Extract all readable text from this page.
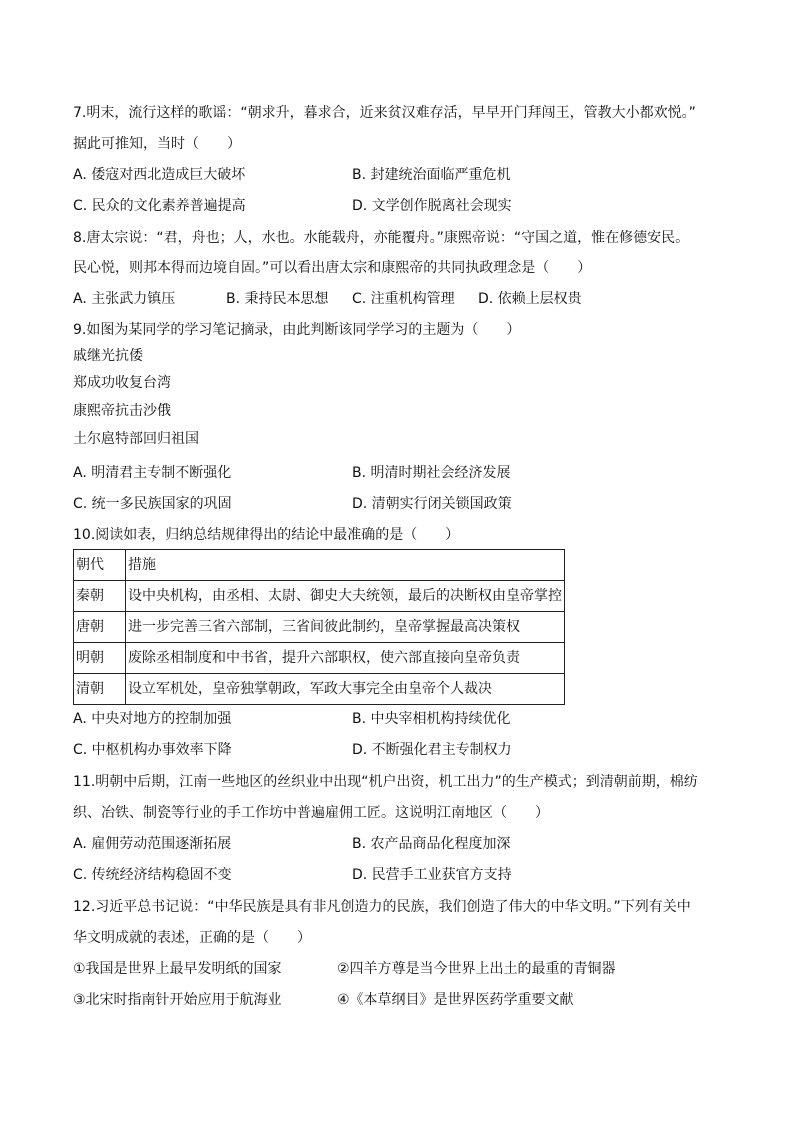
7.明末，流行这样的歌谣：“朝求升，暮求合，近来贫汉难存活，早早开门拜闯王，管教大小都欢悦。”
据此可推知，当时（　　）
A. 倭寇对西北造成巨大破坏	B. 封建统治面临严重危机
C. 民众的文化素养普遍提高	D. 文学创作脱离社会现实
8.唐太宗说：“君，舟也；人，水也。水能载舟，亦能覆舟。”康熙帝说：“守国之道，惟在修德安民。
民心悦，则邦本得而边境自固。”可以看出唐太宗和康熙帝的共同执政理念是（　　）
A. 主张武力镇压	B. 秉持民本思想 C. 注重机构管理 D. 依赖上层权贵
9.如图为某同学的学习笔记摘录，由此判断该同学学习的主题为（　　）
戚继光抗倭
郑成功收复台湾
康熙帝抗击沙俄
土尔扈特部回归祖国
A. 明清君主专制不断强化	B. 明清时期社会经济发展
C. 统一多民族国家的巩固	D. 清朝实行闭关锁国政策
10.阅读如表，归纳总结规律得出的结论中最准确的是（　　）
朝代	措施
秦朝	设中央机构，由丞相、太尉、御史大夫统领，最后的决断权由皇帝掌控
唐朝	进一步完善三省六部制，三省间彼此制约，皇帝掌握最高决策权
明朝	废除丞相制度和中书省，提升六部职权，使六部直接向皇帝负责
清朝	设立军机处，皇帝独掌朝政，军政大事完全由皇帝个人裁决
A. 中央对地方的控制加强	B. 中央宰相机构持续优化
C. 中枢机构办事效率下降	D. 不断强化君主专制权力
11.明朝中后期，江南一些地区的丝织业中出现“机户出资，机工出力”的生产模式；到清朝前期，棉纺
织、冶铁、制瓷等行业的手工作坊中普遍雇佣工匠。这说明江南地区（　　）
A. 雇佣劳动范围逐渐拓展	B. 农产品商品化程度加深
C. 传统经济结构稳固不变	D. 民营手工业获官方支持
12.习近平总书记说：“中华民族是具有非凡创造力的民族，我们创造了伟大的中华文明。”下列有关中
华文明成就的表述，正确的是（　　）
①我国是世界上最早发明纸的国家	②四羊方尊是当今世界上出土的最重的青铜器
③北宋时指南针开始应用于航海业	④《本草纲目》是世界医药学重要文献
